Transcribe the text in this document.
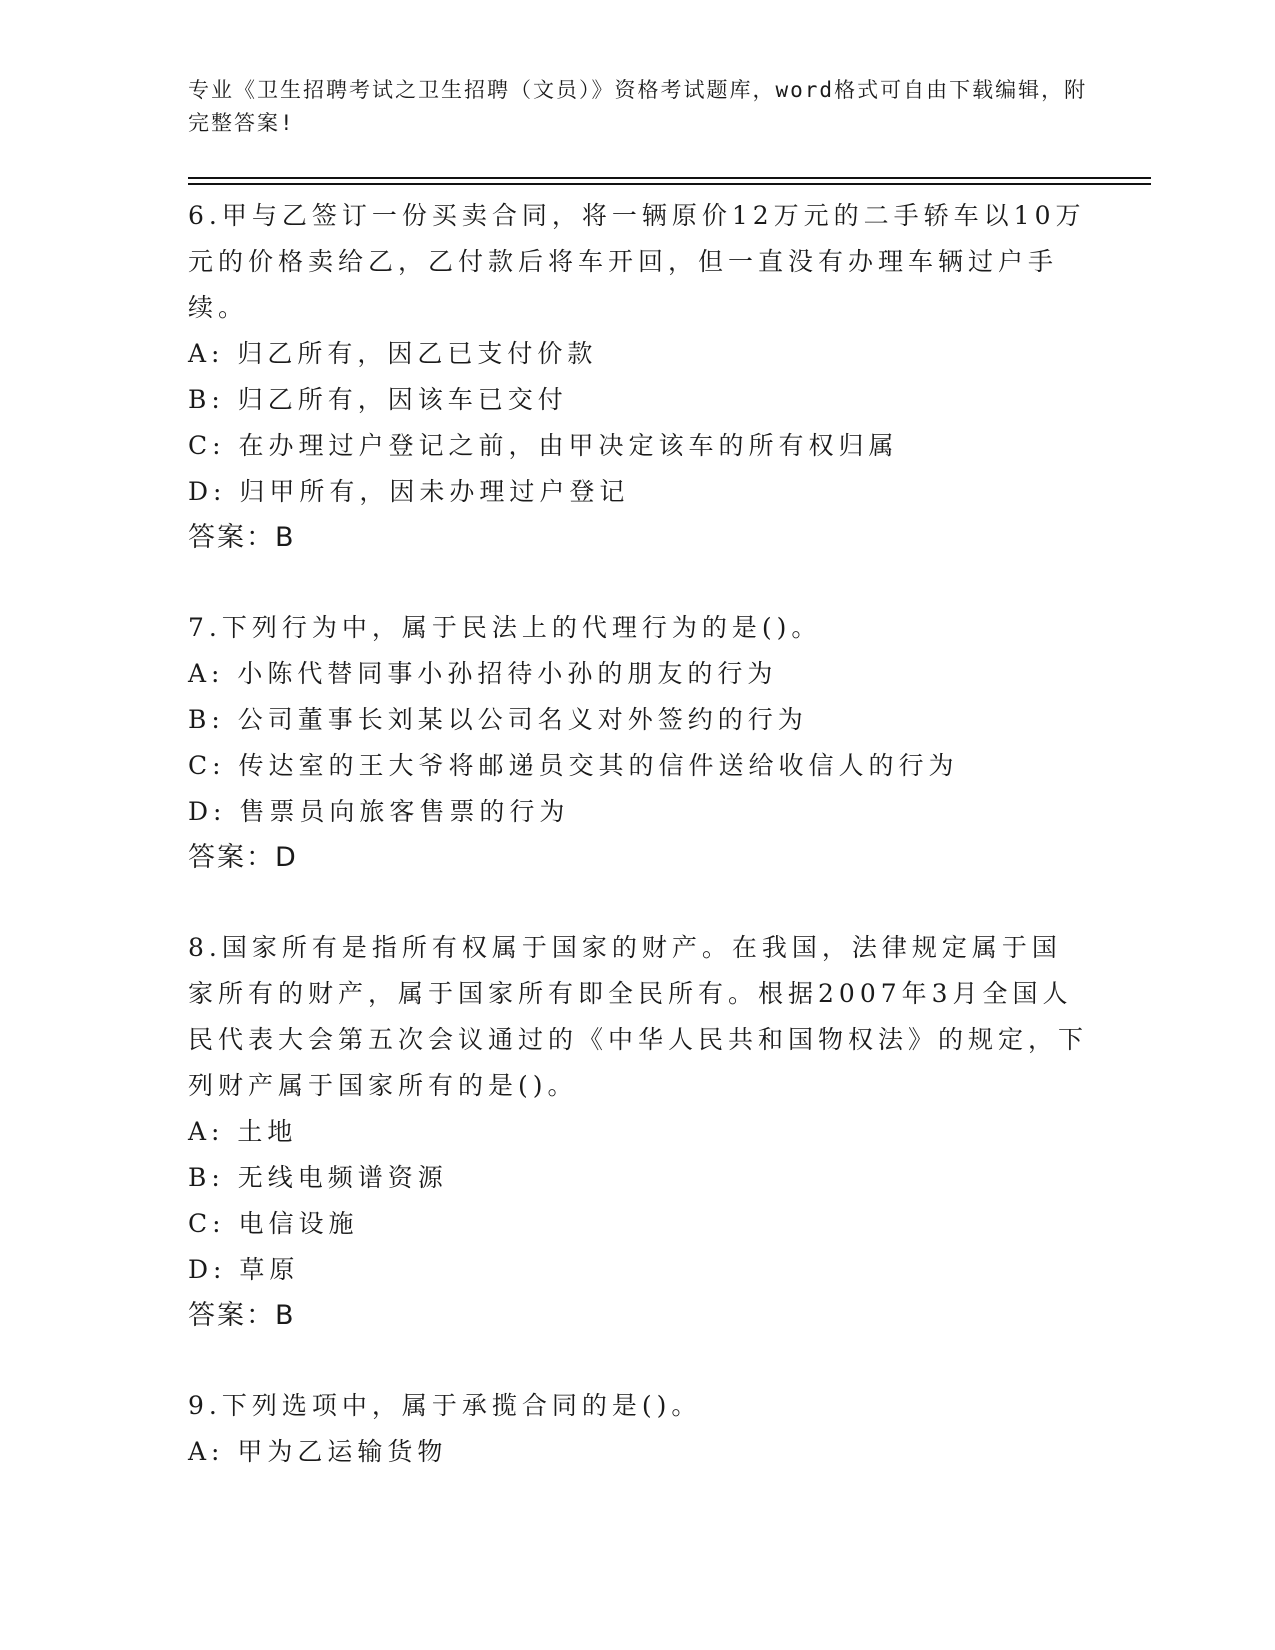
专业《卫生招聘考试之卫生招聘（文员）》资格考试题库，word格式可自由下载编辑，附完整答案!

6.甲与乙签订一份买卖合同，将一辆原价12万元的二手轿车以10万元的价格卖给乙，乙付款后将车开回，但一直没有办理车辆过户手续。

A: 归乙所有，因乙已支付价款

B: 归乙所有，因该车已交付

C: 在办理过户登记之前，由甲决定该车的所有权归属

D: 归甲所有，因未办理过户登记

答案：B

7.下列行为中，属于民法上的代理行为的是()。

A: 小陈代替同事小孙招待小孙的朋友的行为

B: 公司董事长刘某以公司名义对外签约的行为

C: 传达室的王大爷将邮递员交其的信件送给收信人的行为

D: 售票员向旅客售票的行为

答案：D

8.国家所有是指所有权属于国家的财产。在我国，法律规定属于国家所有的财产，属于国家所有即全民所有。根据2007年3月全国人民代表大会第五次会议通过的《中华人民共和国物权法》的规定，下列财产属于国家所有的是()。

A: 土地

B: 无线电频谱资源

C: 电信设施

D: 草原

答案：B

9.下列选项中，属于承揽合同的是()。

A: 甲为乙运输货物
